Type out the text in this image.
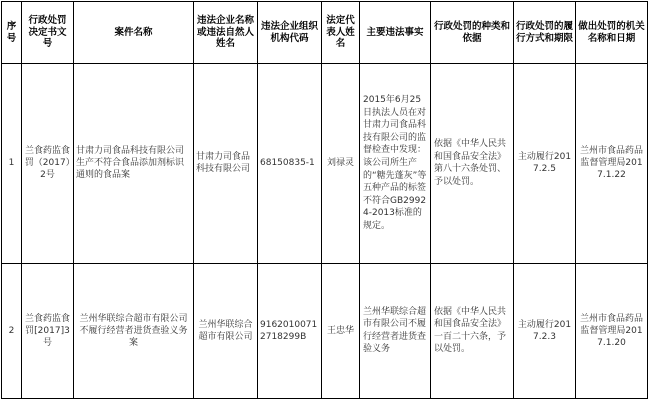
序号	行政处罚决定书文号	案件名称	违法企业名称或违法自然人姓名	违法企业组织机构代码	法定代表人姓名	主要违法事实	行政处罚的种类和依据	行政处罚的履行方式和期限	做出处罚的机关名称和日期
1	兰食药监食罚（2017）2号	甘肃力司食品科技有限公司生产不符合食品添加剂标识通则的食品案	甘肃力司食品科技有限公司	68150835-1	刘禄灵	2015年6月25日执法人员在对甘肃力司食品科技有限公司的监督检查中发现：该公司所生产的“糖先蓬灰”等五种产品的标签不符合GB29924-2013标准的规定。	依据《中华人民共和国食品安全法》第八十六条处罚、予以处罚。	主动履行2017.2.5	兰州市食品药品监督管理局2017.1.22
2	兰食药监食罚[2017]3号	兰州华联综合超市有限公司不履行经营者进货查验义务案	兰州华联综合超市有限公司	91620100712718299B	王忠华	兰州华联综合超市有限公司不履行经营者进货查验义务	依据《中华人民共和国食品安全法》一百二十六条，予以处罚。	主动履行2017.2.3	兰州市食品药品监督管理局2017.1.20
